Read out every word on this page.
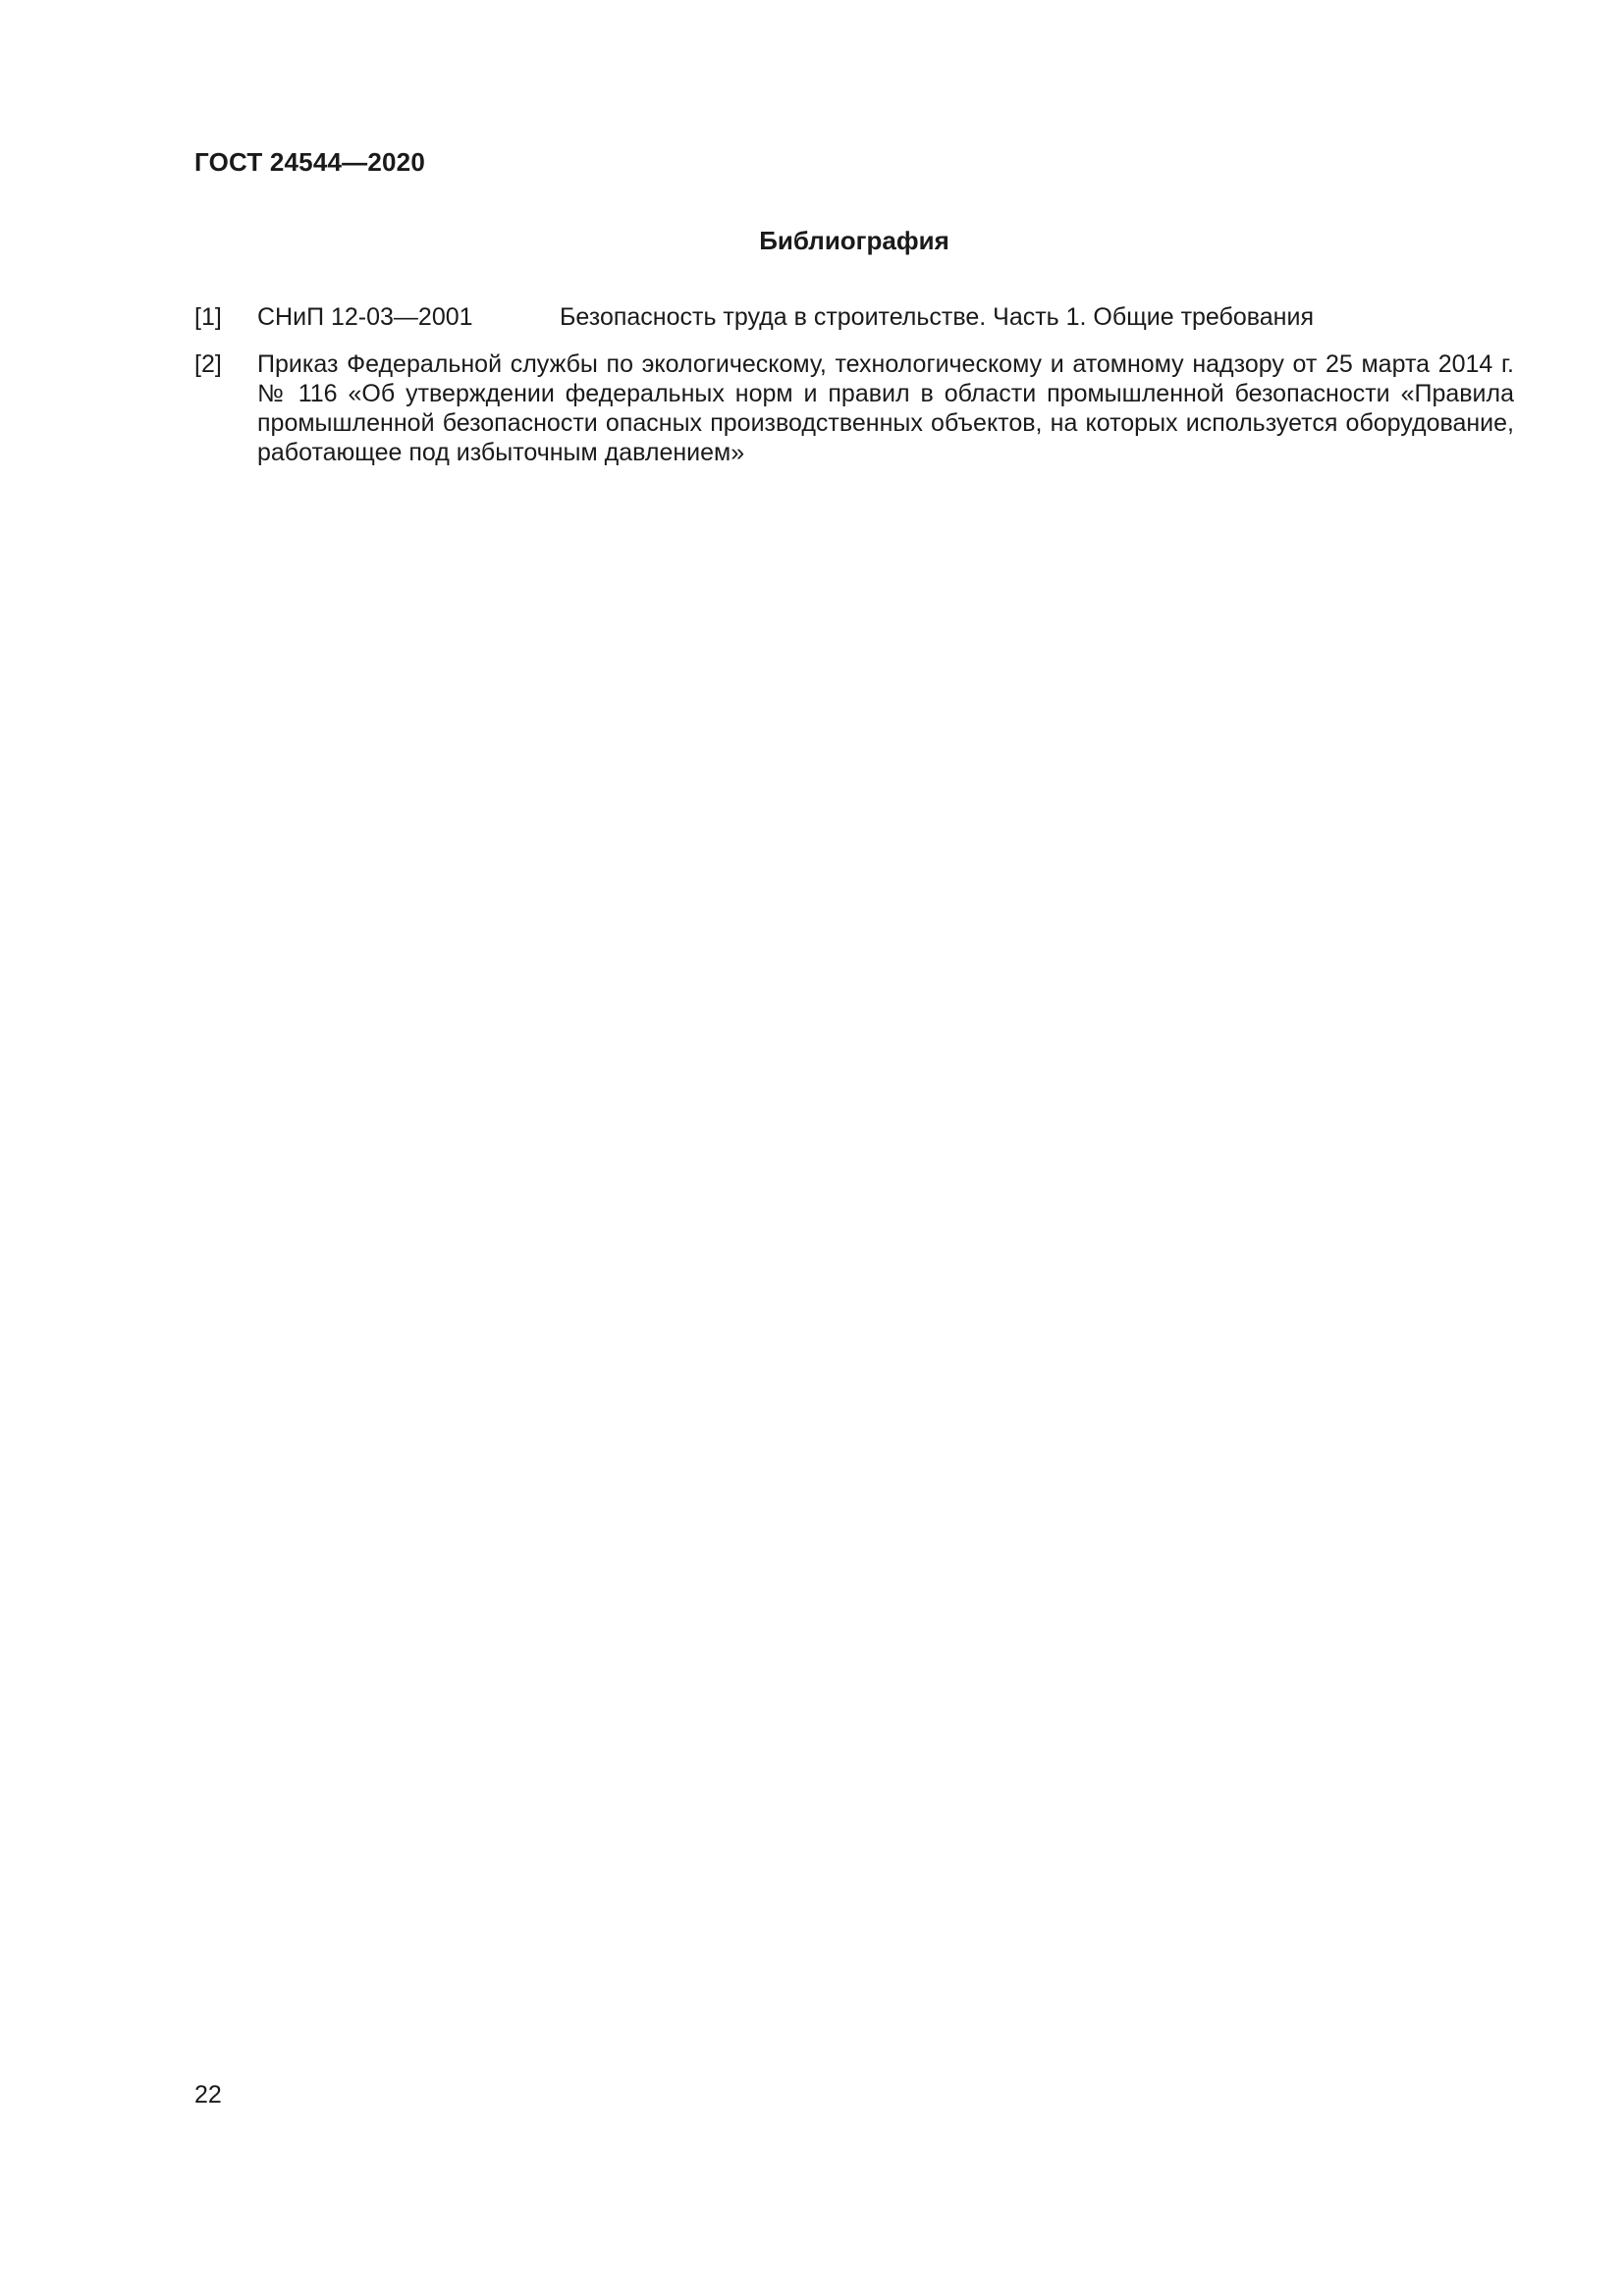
ГОСТ 24544—2020
Библиография
[1] СНиП 12-03—2001	Безопасность труда в строительстве. Часть 1. Общие требования
[2] Приказ Федеральной службы по экологическому, технологическому и атомному надзору от 25 марта 2014 г. № 116 «Об утверждении федеральных норм и правил в области промышленной безопасности «Правила промышленной безопасности опасных производственных объектов, на которых используется оборудование, работающее под избыточным давлением»
22
